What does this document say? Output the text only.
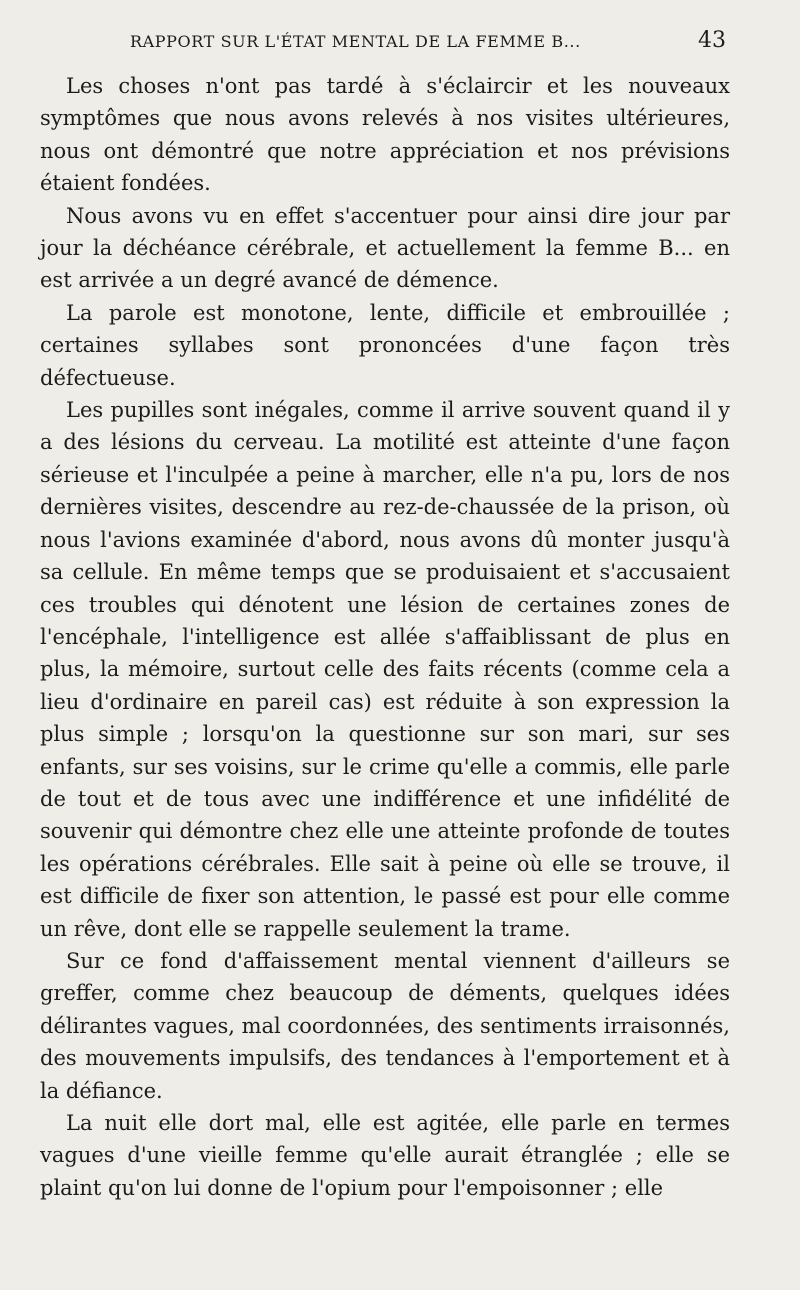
RAPPORT SUR L'ÉTAT MENTAL DE LA FEMME B...	43

Les choses n'ont pas tardé à s'éclaircir et les nouveaux symptômes que nous avons relevés à nos visites ultérieures, nous ont démontré que notre appréciation et nos prévisions étaient fondées.

Nous avons vu en effet s'accentuer pour ainsi dire jour par jour la déchéance cérébrale, et actuellement la femme B... en est arrivée a un degré avancé de démence.

La parole est monotone, lente, difficile et embrouillée ; certaines syllabes sont prononcées d'une façon très défectueuse.

Les pupilles sont inégales, comme il arrive souvent quand il y a des lésions du cerveau. La motilité est atteinte d'une façon sérieuse et l'inculpée a peine à marcher, elle n'a pu, lors de nos dernières visites, descendre au rez-de-chaussée de la prison, où nous l'avions examinée d'abord, nous avons dû monter jusqu'à sa cellule. En même temps que se produisaient et s'accusaient ces troubles qui dénotent une lésion de certaines zones de l'encéphale, l'intelligence est allée s'affaiblissant de plus en plus, la mémoire, surtout celle des faits récents (comme cela a lieu d'ordinaire en pareil cas) est réduite à son expression la plus simple ; lorsqu'on la questionne sur son mari, sur ses enfants, sur ses voisins, sur le crime qu'elle a commis, elle parle de tout et de tous avec une indifférence et une infidélité de souvenir qui démontre chez elle une atteinte profonde de toutes les opérations cérébrales. Elle sait à peine où elle se trouve, il est difficile de fixer son attention, le passé est pour elle comme un rêve, dont elle se rappelle seulement la trame.

Sur ce fond d'affaissement mental viennent d'ailleurs se greffer, comme chez beaucoup de déments, quelques idées délirantes vagues, mal coordonnées, des sentiments irraisonnés, des mouvements impulsifs, des tendances à l'emportement et à la défiance.

La nuit elle dort mal, elle est agitée, elle parle en termes vagues d'une vieille femme qu'elle aurait étranglée ; elle se plaint qu'on lui donne de l'opium pour l'empoisonner ; elle
